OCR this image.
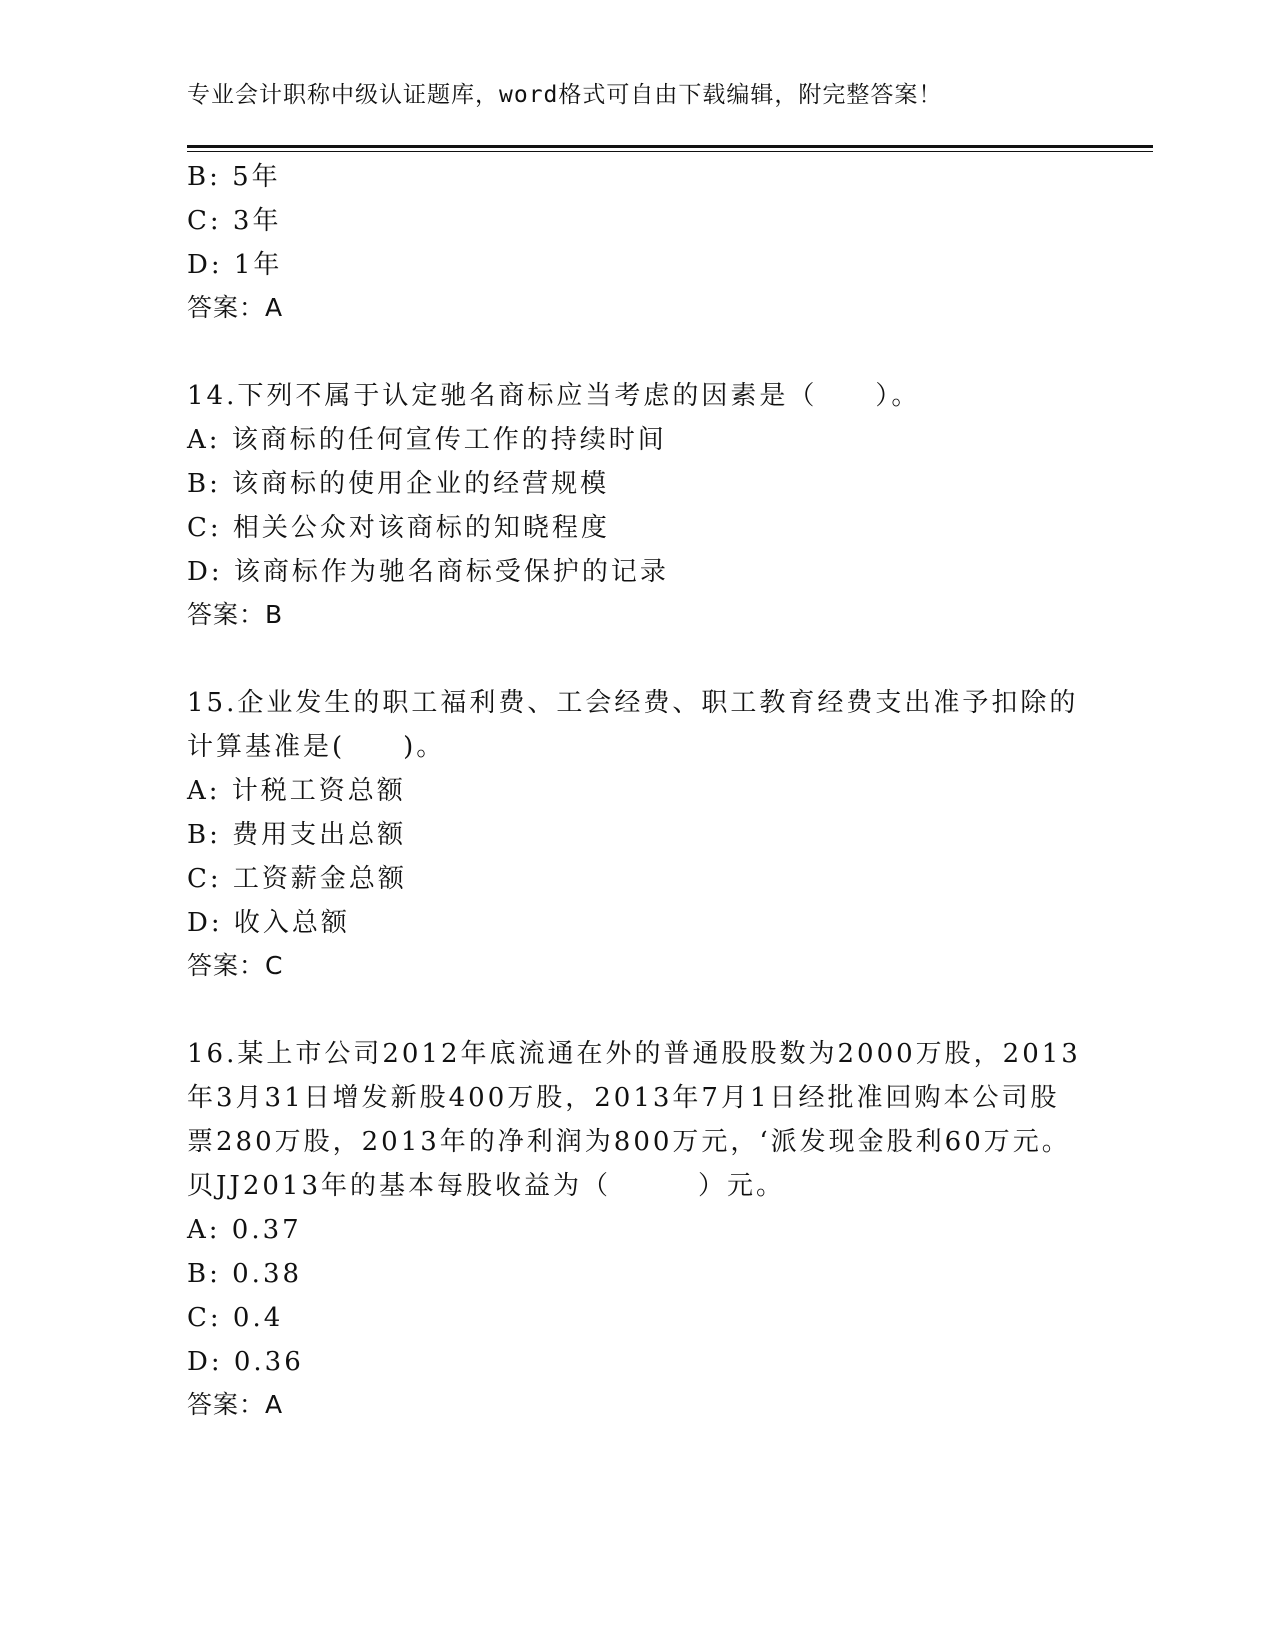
专业会计职称中级认证题库，word格式可自由下载编辑，附完整答案！
B: 5年
C: 3年
D: 1年
答案：A
14.下列不属于认定驰名商标应当考虑的因素是（　　）。
A: 该商标的任何宣传工作的持续时间
B: 该商标的使用企业的经营规模
C: 相关公众对该商标的知晓程度
D: 该商标作为驰名商标受保护的记录
答案：B
15.企业发生的职工福利费、工会经费、职工教育经费支出准予扣除的
计算基准是(　　)。
A: 计税工资总额
B: 费用支出总额
C: 工资薪金总额
D: 收入总额
答案：C
16.某上市公司2012年底流通在外的普通股股数为2000万股，2013
年3月31日增发新股400万股，2013年7月1日经批准回购本公司股
票280万股，2013年的净利润为800万元，‘派发现金股利60万元。
贝JJ2013年的基本每股收益为（　　　）元。
A: 0.37
B: 0.38
C: 0.4
D: 0.36
答案：A
